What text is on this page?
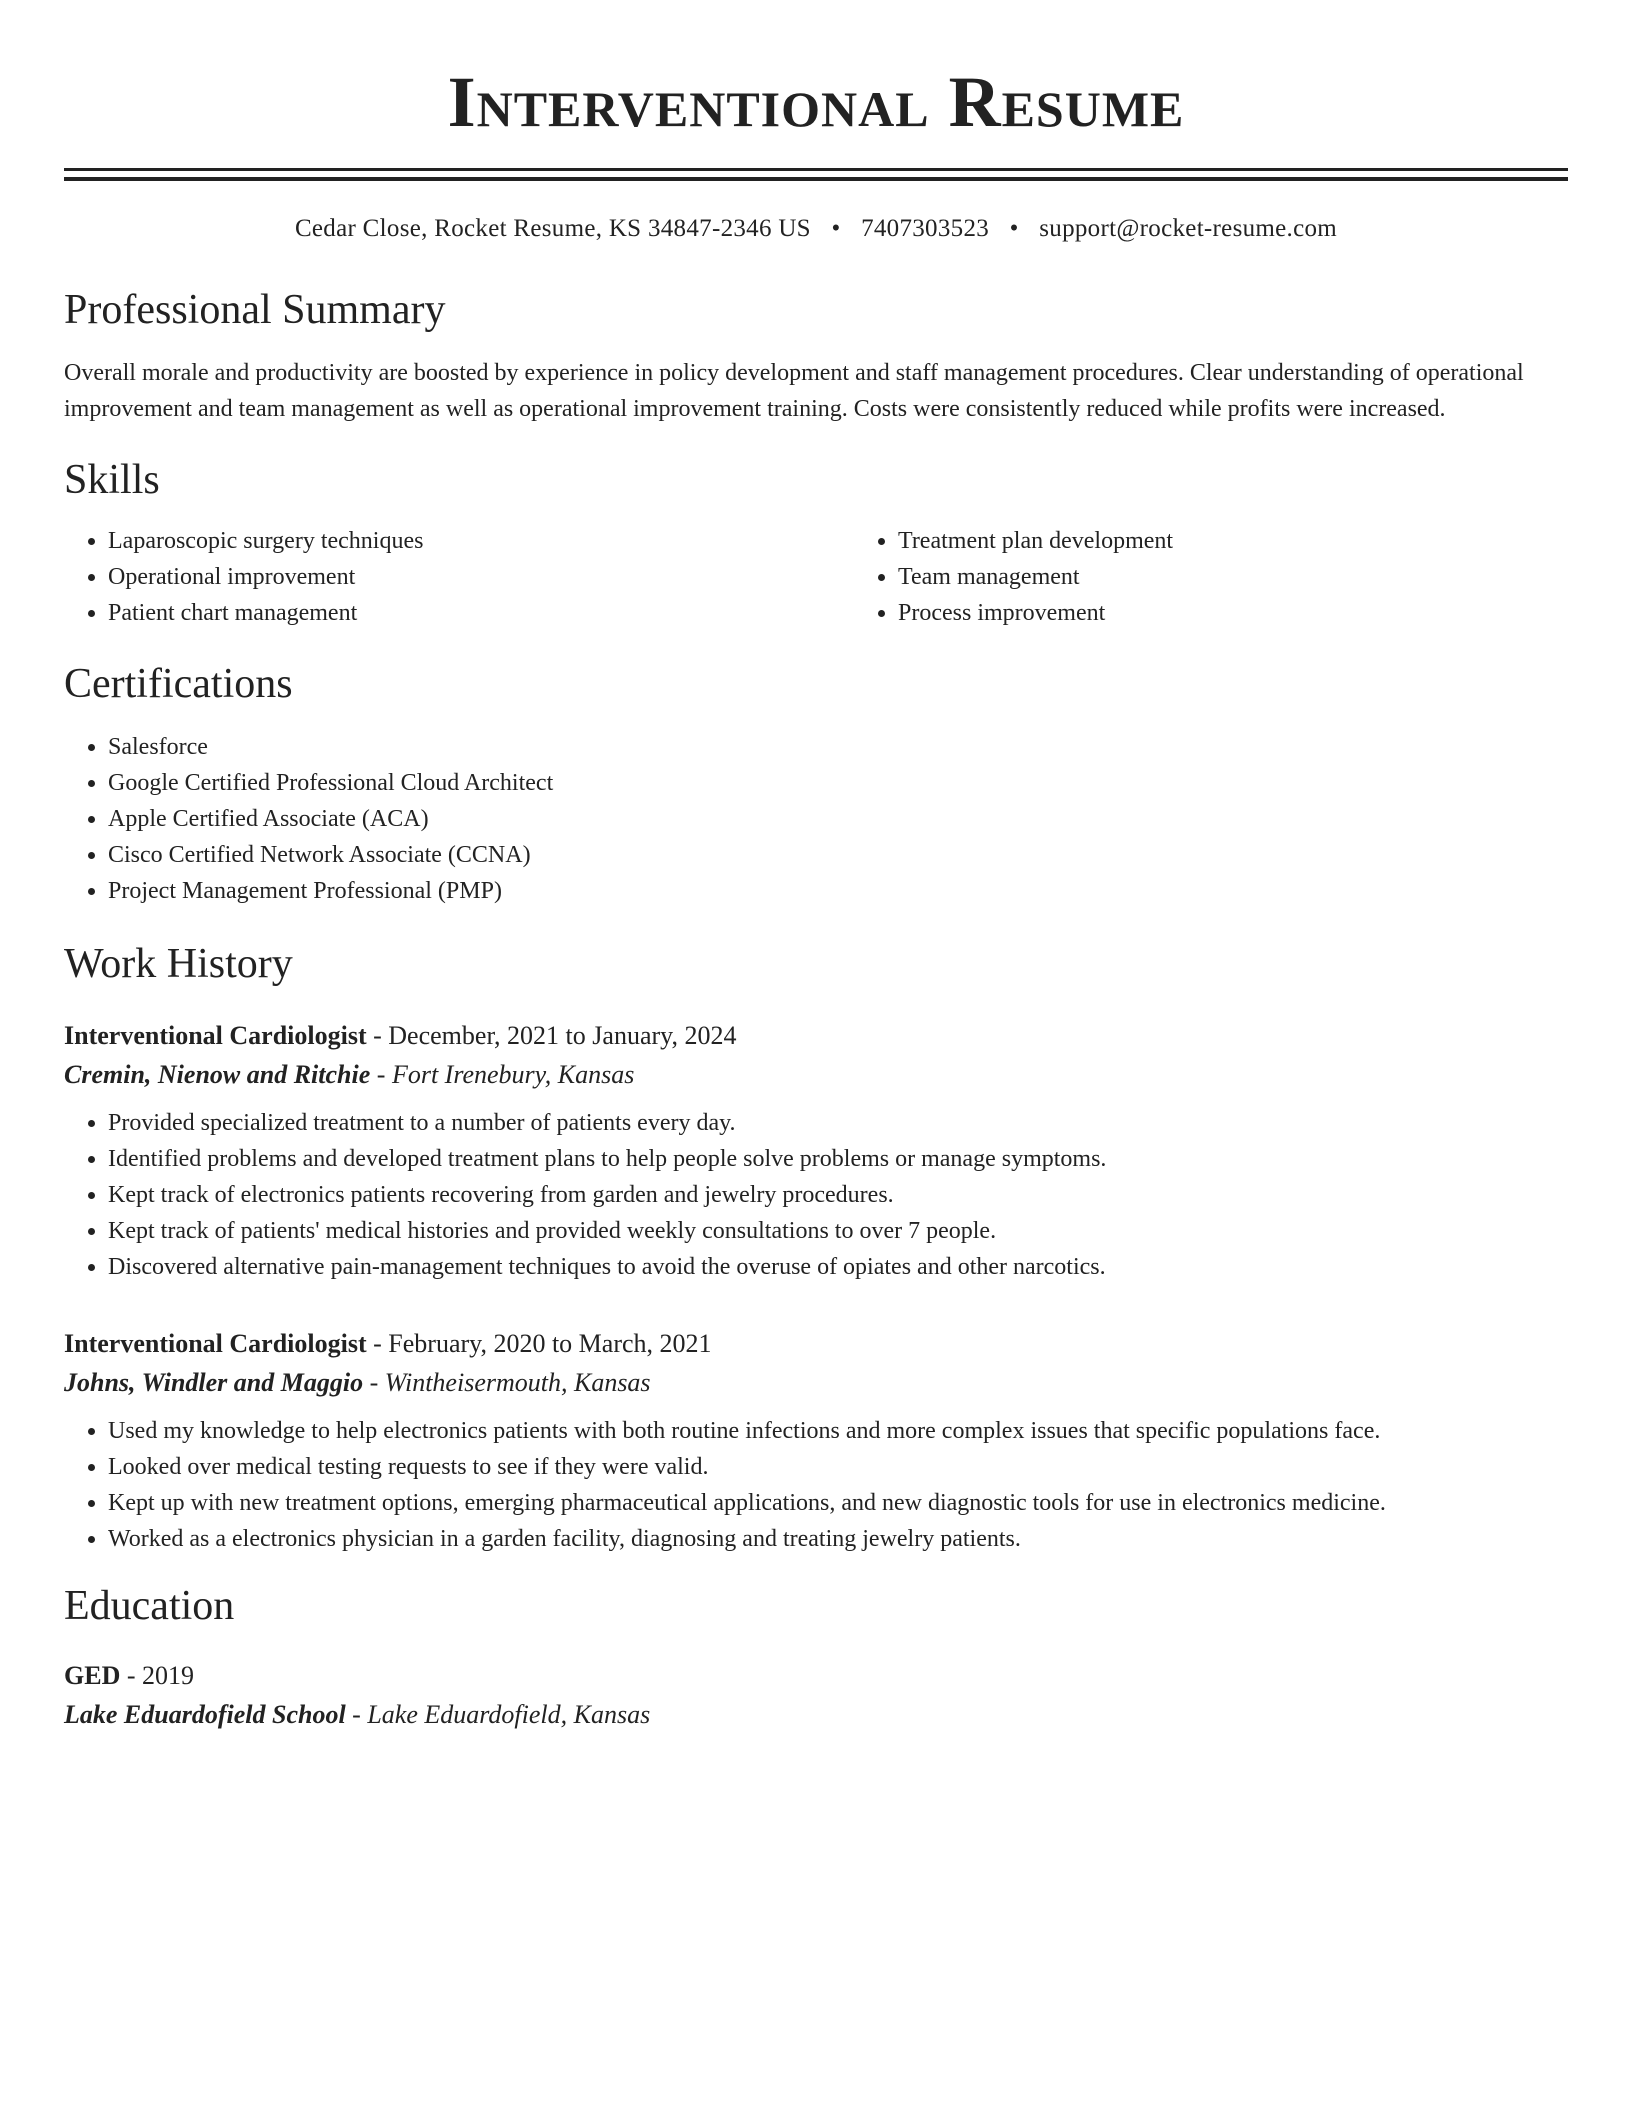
Interventional Resume
Cedar Close, Rocket Resume, KS 34847-2346 US • 7407303523 • support@rocket-resume.com
Professional Summary

Overall morale and productivity are boosted by experience in policy development and staff management procedures. Clear understanding of operational improvement and team management as well as operational improvement training. Costs were consistently reduced while profits were increased.

Skills
• Laparoscopic surgery techniques
• Operational improvement
• Patient chart management
• Treatment plan development
• Team management
• Process improvement
Certifications
• Salesforce
• Google Certified Professional Cloud Architect
• Apple Certified Associate (ACA)
• Cisco Certified Network Associate (CCNA)
• Project Management Professional (PMP)
Work History
Interventional Cardiologist - December, 2021 to January, 2024
Cremin, Nienow and Ritchie - Fort Irenebury, Kansas
• Provided specialized treatment to a number of patients every day.
• Identified problems and developed treatment plans to help people solve problems or manage symptoms.
• Kept track of electronics patients recovering from garden and jewelry procedures.
• Kept track of patients' medical histories and provided weekly consultations to over 7 people.
• Discovered alternative pain-management techniques to avoid the overuse of opiates and other narcotics.
Interventional Cardiologist - February, 2020 to March, 2021
Johns, Windler and Maggio - Wintheisermouth, Kansas
• Used my knowledge to help electronics patients with both routine infections and more complex issues that specific populations face.
• Looked over medical testing requests to see if they were valid.
• Kept up with new treatment options, emerging pharmaceutical applications, and new diagnostic tools for use in electronics medicine.
• Worked as a electronics physician in a garden facility, diagnosing and treating jewelry patients.
Education
GED - 2019
Lake Eduardofield School - Lake Eduardofield, Kansas
